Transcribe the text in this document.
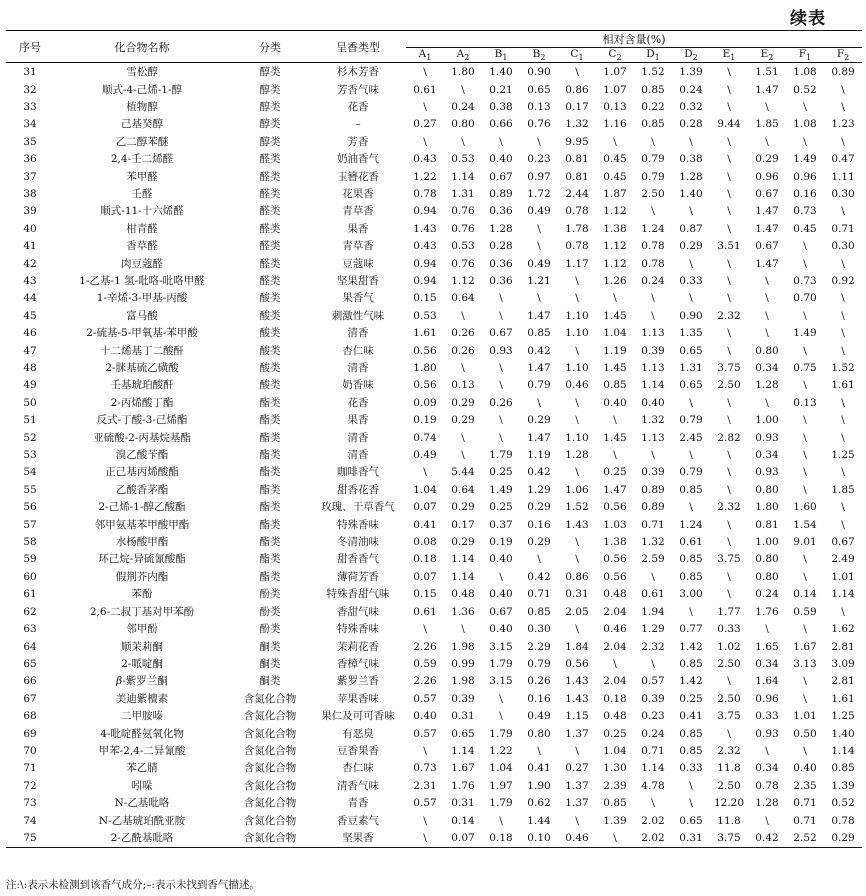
续表
序号	化合物名称	分类	呈香类型	相对含量(%)											
				$A_1$	$A_2$	$B_1$	$B_2$	$C_1$	$C_2$	$D_1$	$D_2$	$E_1$	$E_2$	$F_1$	$F_2$
31	雪松醇	醇类	杉木芳香	\	1.80	1.40	0.90	\	1.07	1.52	1.39	\	1.51	1.08	0.89
32	顺式-4-己烯-1-醇	醇类	芳香气味	0.61	\	0.21	0.65	0.86	1.07	0.85	0.24	\	1.47	0.52	\
33	植物醇	醇类	花香	\	0.24	0.38	0.13	0.17	0.13	0.22	0.32	\	\	\	\
34	己基癸醇	醇类	–	0.27	0.80	0.66	0.76	1.32	1.16	0.85	0.28	9.44	1.85	1.08	1.23
35	乙二醇苯醚	醇类	芳香	\	\	\	\	9.95	\	\	\	\	\	\	\
36	2,4-壬二烯醛	醛类	奶油香气	0.43	0.53	0.40	0.23	0.81	0.45	0.79	0.38	\	0.29	1.49	0.47
37	苯甲醛	醛类	玉簪花香	1.22	1.14	0.67	0.97	0.81	0.45	0.79	1.28	\	0.96	0.96	1.11
38	壬醛	醛类	花果香	0.78	1.31	0.89	1.72	2.44	1.87	2.50	1.40	\	0.67	0.16	0.30
39	顺式-11-十六烯醛	醛类	青草香	0.94	0.76	0.36	0.49	0.78	1.12	\	\	\	1.47	0.73	\
40	柑青醛	醛类	果香	1.43	0.76	1.28	\	1.78	1.38	1.24	0.87	\	1.47	0.45	0.71
41	香草醛	醛类	青草香	0.43	0.53	0.28	\	0.78	1.12	0.78	0.29	3.51	0.67	\	0.30
42	肉豆蔻醛	醛类	豆蔻味	0.94	0.76	0.36	0.49	1.17	1.12	0.78	\	\	1.47	\	\
43	1-乙基-1 氢-吡咯-吡咯甲醛	醛类	坚果甜香	0.94	1.12	0.36	1.21	\	1.26	0.24	0.33	\	\	0.73	0.92
44	1-辛烯-3-甲基-丙酸	酸类	果香气	0.15	0.64	\	\	\	\	\	\	\	\	0.70	\
45	富马酸	酸类	刺激性气味	0.53	\	\	1.47	1.10	1.45	\	0.90	2.32	\	\	\
46	2-硫基-5-甲氧基-苯甲酸	酸类	清香	1.61	0.26	0.67	0.85	1.10	1.04	1.13	1.35	\	\	1.49	\
47	十二烯基丁二酸酐	酸类	杏仁味	0.56	0.26	0.93	0.42	\	1.19	0.39	0.65	\	0.80	\	\
48	2-脒基硫乙磺酸	酸类	清香	1.80	\	\	1.47	1.10	1.45	1.13	1.31	3.75	0.34	0.75	1.52
49	壬基琥珀酸酐	酸类	奶香味	0.56	0.13	\	0.79	0.46	0.85	1.14	0.65	2.50	1.28	\	1.61
50	2-丙烯酸丁酯	酯类	花香	0.09	0.29	0.26	\	\	0.40	0.40	\	\	\	0.13	\
51	反式-丁酸-3-己烯酯	酯类	果香	0.19	0.29	\	0.29	\	\	1.32	0.79	\	1.00	\	\
52	亚硫酸-2-丙基烷基酯	酯类	清香	0.74	\	\	1.47	1.10	1.45	1.13	2.45	2.82	0.93	\	\
53	溴乙酸苄酯	酯类	清香	0.49	\	1.79	1.19	1.28	\	\	\	\	0.34	\	1.25
54	正己基丙烯酸酯	酯类	咖啡香气	\	5.44	0.25	0.42	\	0.25	0.39	0.79	\	0.93	\	\
55	乙酸香茅酯	酯类	甜香花香	1.04	0.64	1.49	1.29	1.06	1.47	0.89	0.85	\	0.80	\	1.85
56	2-己烯-1-醇乙酸酯	酯类	玫瑰、干草香气	0.07	0.29	0.25	0.29	1.52	0.56	0.89	\	2.32	1.80	1.60	\
57	邻甲氨基苯甲酸甲酯	酯类	特殊香味	0.41	0.17	0.37	0.16	1.43	1.03	0.71	1.24	\	0.81	1.54	\
58	水杨酸甲酯	酯类	冬清油味	0.08	0.29	0.19	0.29	\	1.38	1.32	0.61	\	1.00	9.01	0.67
59	环己烷-异硫氰酸酯	酯类	甜香香气	0.18	1.14	0.40	\	\	0.56	2.59	0.85	3.75	0.80	\	2.49
60	假荆芥内酯	酯类	薄荷芳香	0.07	1.14	\	0.42	0.86	0.56	\	0.85	\	0.80	\	1.01
61	苯酚	酚类	特殊香甜气味	0.15	0.48	0.40	0.71	0.31	0.48	0.61	3.00	\	0.24	0.14	1.14
62	2,6-二叔丁基对甲苯酚	酚类	香甜气味	0.61	1.36	0.67	0.85	2.05	2.04	1.94	\	1.77	1.76	0.59	\
63	邻甲酚	酚类	特殊香味	\	\	0.40	0.30	\	0.46	1.29	0.77	0.33	\	\	1.62
64	顺茉莉酮	酮类	茉莉花香	2.26	1.98	3.15	2.29	1.84	2.04	2.32	1.42	1.02	1.65	1.67	2.81
65	2-哌啶酮	酮类	香樟气味	0.59	0.99	1.79	0.79	0.56	\	\	0.85	2.50	0.34	3.13	3.09
66	β-紫罗兰酮	酮类	紫罗兰香	2.26	1.98	3.15	0.26	1.43	2.04	0.57	1.42	\	1.64	\	2.81
67	美迪紫檀素	含氮化合物	苹果香味	0.57	0.39	\	0.16	1.43	0.18	0.39	0.25	2.50	0.96	\	1.61
68	二甲胺嗪	含氮化合物	果仁及可可香味	0.40	0.31	\	0.49	1.15	0.48	0.23	0.41	3.75	0.33	1.01	1.25
69	4-吡啶醛氨氧化物	含氮化合物	有恶臭	0.57	0.65	1.79	0.80	1.37	0.25	0.24	0.85	\	0.93	0.50	1.40
70	甲苯-2,4-二异氰酸	含氮化合物	豆香果香	\	1.14	1.22	\	\	1.04	0.71	0.85	2.32	\	\	1.14
71	苯乙腈	含氮化合物	杏仁味	0.73	1.67	1.04	0.41	0.27	1.30	1.14	0.33	11.8	0.34	0.40	0.85
72	吲哚	含氮化合物	清香气味	2.31	1.76	1.97	1.90	1.37	2.39	4.78	\	2.50	0.78	2.35	1.39
73	N-乙基吡咯	含氮化合物	青香	0.57	0.31	1.79	0.62	1.37	0.85	\	\	12.20	1.28	0.71	0.52
74	N-乙基琥珀酰亚胺	含氮化合物	香豆素气	\	0.14	\	1.44	\	1.39	2.02	0.65	11.8	\	0.71	0.78
75	2-乙酰基吡咯	含氮化合物	坚果香	\	0.07	0.18	0.10	0.46	\	2.02	0.31	3.75	0.42	2.52	0.29
注:\:表示未检测到该香气成分;–:表示未找到香气描述。
